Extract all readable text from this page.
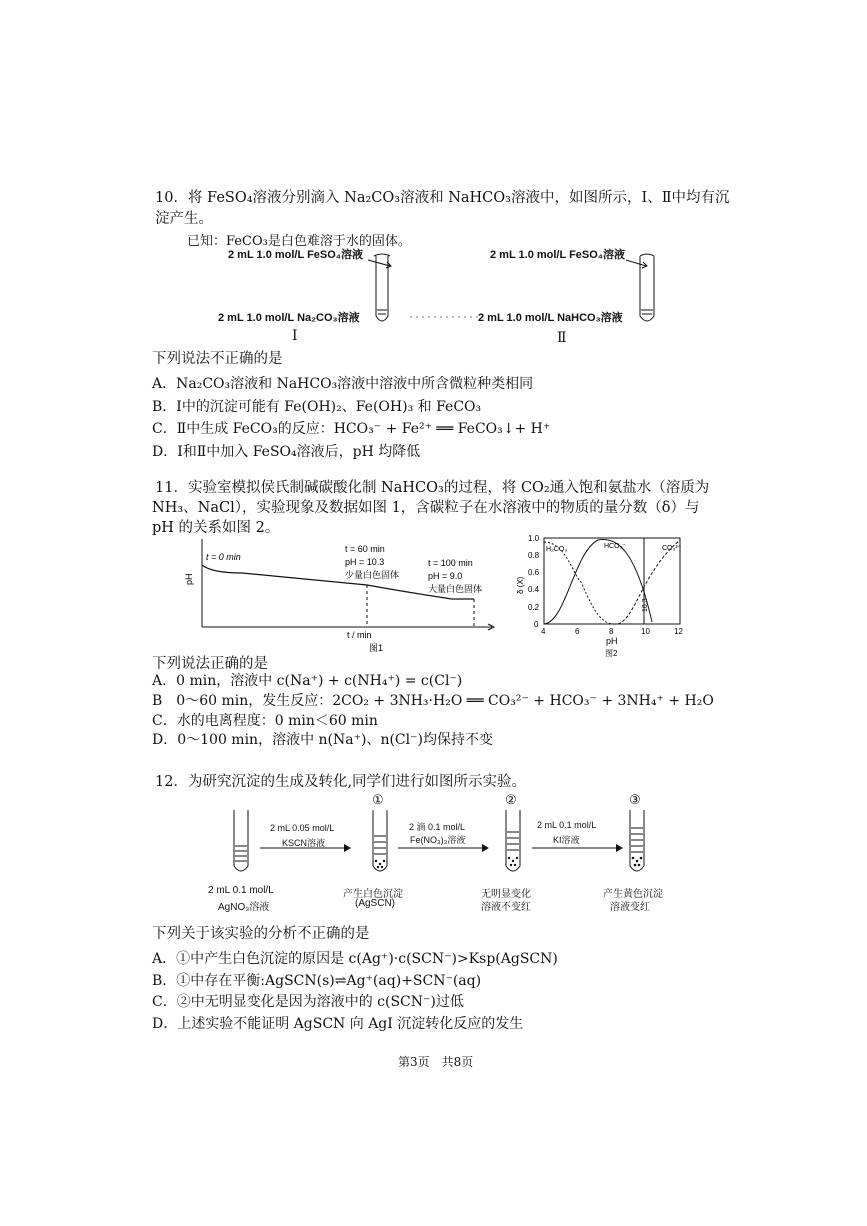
10．将 FeSO₄溶液分别滴入 Na₂CO₃溶液和 NaHCO₃溶液中，如图所示，Ⅰ、Ⅱ中均有沉
淀产生。
已知：FeCO₃是白色难溶于水的固体。
2 mL 1.0 mol/L FeSO₄溶液
2 mL 1.0 mol/L Na₂CO₃溶液
2 mL 1.0 mol/L FeSO₄溶液
2 mL 1.0 mol/L NaHCO₃溶液
Ⅰ	Ⅱ
下列说法不正确的是
A．Na₂CO₃溶液和 NaHCO₃溶液中溶液中所含微粒种类相同
B．Ⅰ中的沉淀可能有 Fe(OH)₂、Fe(OH)₃ 和 FeCO₃
C．Ⅱ中生成 FeCO₃的反应：HCO₃⁻ + Fe²⁺ ══ FeCO₃↓+ H⁺
D．Ⅰ和Ⅱ中加入 FeSO₄溶液后，pH 均降低
11．实验室模拟侯氏制碱碳酸化制 NaHCO₃的过程，将 CO₂通入饱和氨盐水（溶质为
NH₃、NaCl），实验现象及数据如图 1，含碳粒子在水溶液中的物质的量分数（δ）与
pH 的关系如图 2。
pH
t = 0 min
t = 60 min
pH = 10.3
少量白色固体
t = 100 min
pH = 9.0
大量白色固体
t / min
图1
1.0
0.8
0.6
0.4
0.2
0
4	6	8	10	12
δ (X)
H₂CO₃	HCO₃⁻	CO₃²⁻
10.3
pH
图2
下列说法正确的是
A．0 min，溶液中 c(Na⁺) + c(NH₄⁺) = c(Cl⁻)
B　0～60 min，发生反应：2CO₂ + 3NH₃·H₂O ══ CO₃²⁻ + HCO₃⁻ + 3NH₄⁺ + H₂O
C．水的电离程度：0 min＜60 min
D．0～100 min，溶液中 n(Na⁺)、n(Cl⁻)均保持不变
12．为研究沉淀的生成及转化,同学们进行如图所示实验。
2 mL 0.05 mol/L
KSCN溶液
2 滴 0.1 mol/L
Fe(NO₃)₃溶液
2 mL 0.1 mol/L
KI溶液
①	②	③
2 mL 0.1 mol/L
AgNO₃溶液
产生白色沉淀
(AgSCN)
无明显变化
溶液不变红
产生黄色沉淀
溶液变红
下列关于该实验的分析不正确的是
A．①中产生白色沉淀的原因是 c(Ag⁺)·c(SCN⁻)>Ksp(AgSCN)
B．①中存在平衡:AgSCN(s)⇌Ag⁺(aq)+SCN⁻(aq)
C．②中无明显变化是因为溶液中的 c(SCN⁻)过低
D．上述实验不能证明 AgSCN 向 AgI 沉淀转化反应的发生
第3页　共8页
